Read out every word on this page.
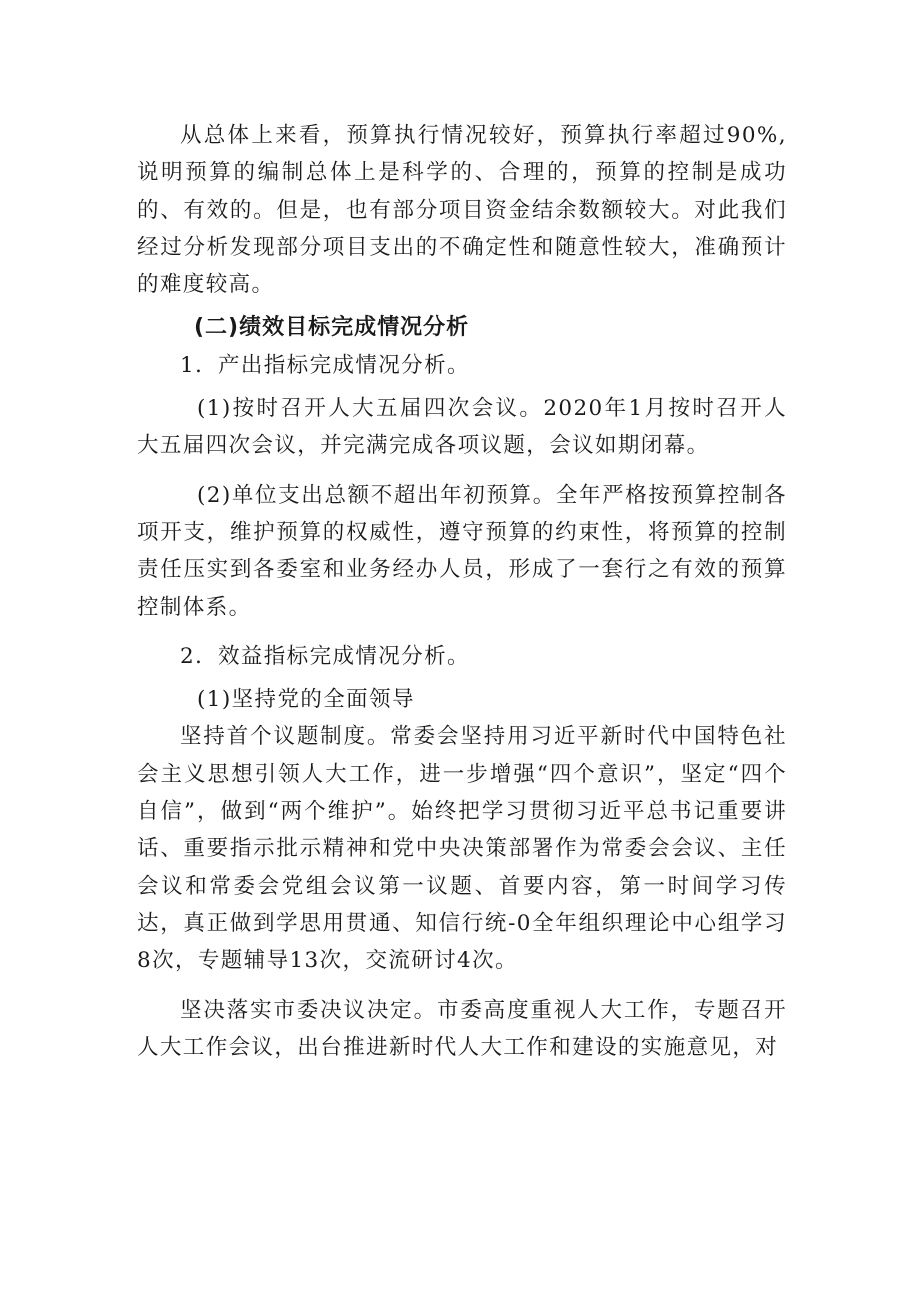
从总体上来看，预算执行情况较好，预算执行率超过90%,说明预算的编制总体上是科学的、合理的，预算的控制是成功的、有效的。但是，也有部分项目资金结余数额较大。对此我们经过分析发现部分项目支出的不确定性和随意性较大，准确预计的难度较高。

(二)绩效目标完成情况分析

1．产出指标完成情况分析。

(1)按时召开人大五届四次会议。2020年1月按时召开人大五届四次会议，并完满完成各项议题，会议如期闭幕。

(2)单位支出总额不超出年初预算。全年严格按预算控制各项开支，维护预算的权威性，遵守预算的约束性，将预算的控制责任压实到各委室和业务经办人员，形成了一套行之有效的预算控制体系。

2．效益指标完成情况分析。

(1)坚持党的全面领导

坚持首个议题制度。常委会坚持用习近平新时代中国特色社会主义思想引领人大工作，进一步增强“四个意识”，坚定“四个自信”，做到“两个维护”。始终把学习贯彻习近平总书记重要讲话、重要指示批示精神和党中央决策部署作为常委会会议、主任会议和常委会党组会议第一议题、首要内容，第一时间学习传达，真正做到学思用贯通、知信行统-0全年组织理论中心组学习8次，专题辅导13次，交流研讨4次。

坚决落实市委决议决定。市委高度重视人大工作，专题召开人大工作会议，出台推进新时代人大工作和建设的实施意见，对
